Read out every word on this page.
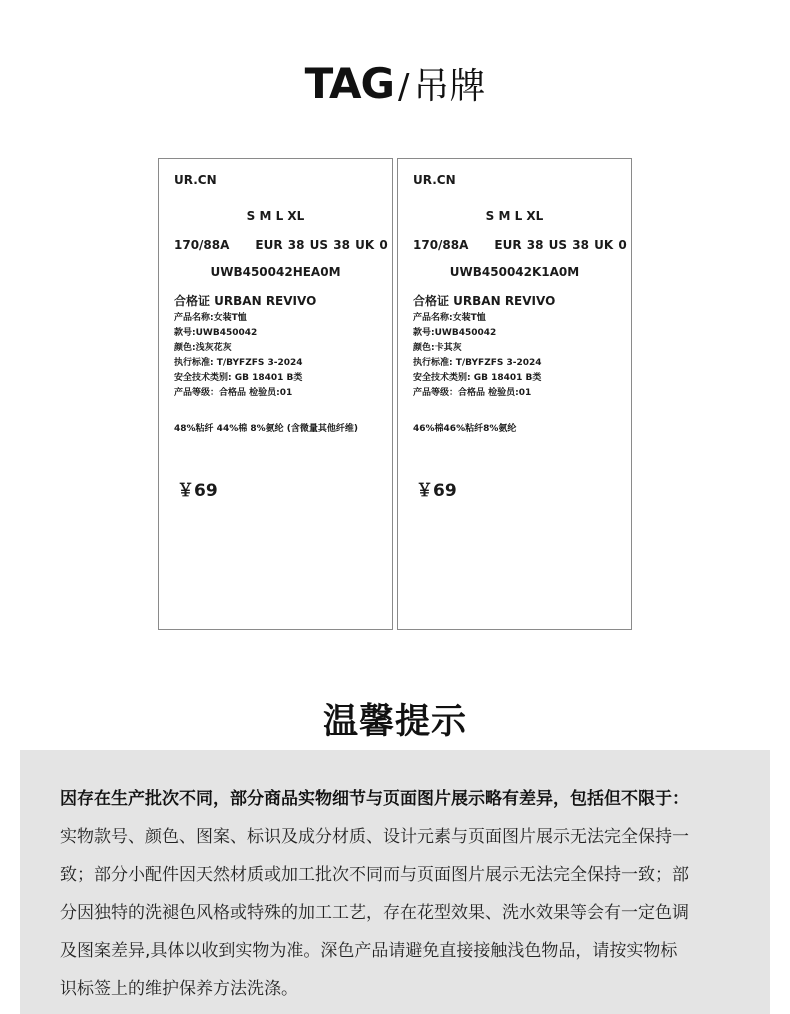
TAG / 吊牌
UR.CN
S M L XL
170/88A EUR 38 US 38 UK 0
UWB450042HEA0M
合格证 URBAN REVIVO
产品名称:女装T恤
款号:UWB450042
颜色:浅灰花灰
执行标准: T/BYFZFS 3-2024
安全技术类别: GB 18401 B类
产品等级：合格品 检验员:01
48%粘纤 44%棉 8%氨纶 (含微量其他纤维)
￥69
UR.CN
S M L XL
170/88A EUR 38 US 38 UK 0
UWB450042K1A0M
合格证 URBAN REVIVO
产品名称:女装T恤
款号:UWB450042
颜色:卡其灰
执行标准: T/BYFZFS 3-2024
安全技术类别: GB 18401 B类
产品等级：合格品 检验员:01
46%棉46%粘纤8%氨纶
￥69
温馨提示
因存在生产批次不同，部分商品实物细节与页面图片展示略有差异，包括但不限于：
实物款号、颜色、图案、标识及成分材质、设计元素与页面图片展示无法完全保持一
致；部分小配件因天然材质或加工批次不同而与页面图片展示无法完全保持一致；部
分因独特的洗褪色风格或特殊的加工工艺，存在花型效果、洗水效果等会有一定色调
及图案差异,具体以收到实物为准。深色产品请避免直接接触浅色物品，请按实物标
识标签上的维护保养方法洗涤。
